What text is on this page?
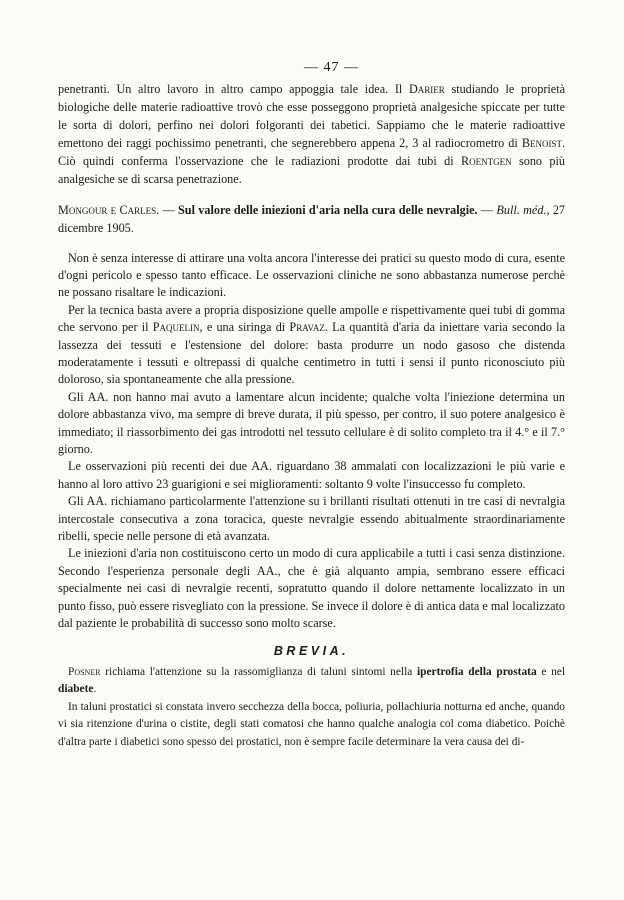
— 47 —

penetranti. Un altro lavoro in altro campo appoggia tale idea. Il Darier studiando le proprietà biologiche delle materie radioattive trovò che esse posseggono proprietà analgesiche spiccate per tutte le sorta di dolori, perfino nei dolori folgoranti dei tabetici. Sappiamo che le materie radioattive emettono dei raggi pochissimo penetranti, che segnerebbero appena 2, 3 al radiocrometro di Benoist. Ciò quindi conferma l'osservazione che le radiazioni prodotte dai tubi di Roentgen sono più analgesiche se di scarsa penetrazione.

Mongour e Carles. — Sul valore delle iniezioni d'aria nella cura delle nevralgie. — Bull. méd., 27 dicembre 1905.

Non è senza interesse di attirare una volta ancora l'interesse dei pratici su questo modo di cura, esente d'ogni pericolo e spesso tanto efficace. Le osservazioni cliniche ne sono abbastanza numerose perchè ne possano risaltare le indicazioni.

Per la tecnica basta avere a propria disposizione quelle ampolle e rispettivamente quei tubi di gomma che servono per il Paquelin, e una siringa di Pravaz. La quantità d'aria da iniettare varia secondo la lassezza dei tessuti e l'estensione del dolore: basta produrre un nodo gasoso che distenda moderatamente i tessuti e oltrepassi di qualche centimetro in tutti i sensi il punto riconosciuto più doloroso, sia spontaneamente che alla pressione.

Gli AA. non hanno mai avuto a lamentare alcun incidente; qualche volta l'iniezione determina un dolore abbastanza vivo, ma sempre di breve durata, il più spesso, per contro, il suo potere analgesico è immediato; il riassorbimento dei gas introdotti nel tessuto cellulare è di solito completo tra il 4.° e il 7.° giorno.

Le osservazioni più recenti dei due AA. riguardano 38 ammalati con localizzazioni le più varie e hanno al loro attivo 23 guarigioni e sei miglioramenti: soltanto 9 volte l'insuccesso fu completo.

Gli AA. richiamano particolarmente l'attenzione su i brillanti risultati ottenuti in tre casi di nevralgia intercostale consecutiva a zona toracica, queste nevralgie essendo abitualmente straordinariamente ribelli, specie nelle persone di età avanzata.

Le iniezioni d'aria non costituiscono certo un modo di cura applicabile a tutti i casi senza distinzione. Secondo l'esperienza personale degli AA., che è già alquanto ampia, sembrano essere efficaci specialmente nei casi di nevralgie recenti, sopratutto quando il dolore nettamente localizzato in un punto fisso, può essere risvegliato con la pressione. Se invece il dolore è di antica data e mal localizzato dal paziente le probabilità di successo sono molto scarse.

BREVIA.

Posner richiama l'attenzione su la rassomiglianza di taluni sintomi nella ipertrofia della prostata e nel diabete.

In taluni prostatici si constata invero secchezza della bocca, poliuria, pollachiuria notturna ed anche, quando vi sia ritenzione d'urina o cistite, degli stati comatosi che hanno qualche analogia col coma diabetico. Poichè d'altra parte i diabetici sono spesso dei prostatici, non è sempre facile determinare la vera causa dei di-
